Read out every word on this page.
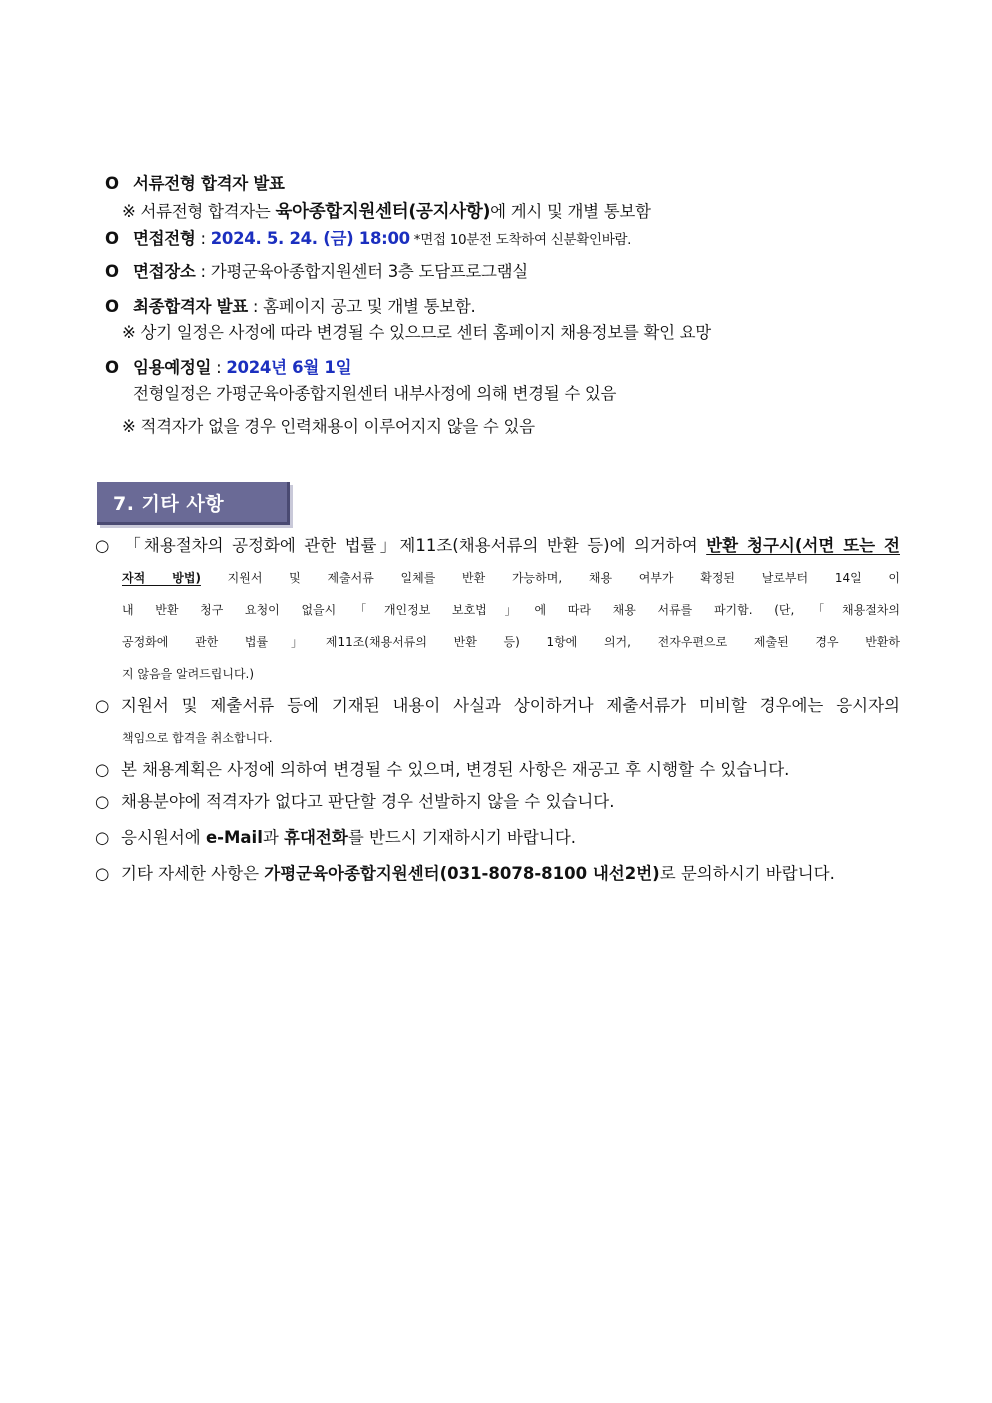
O 서류전형 합격자 발표
※ 서류전형 합격자는 육아종합지원센터(공지사항)에 게시 및 개별 통보함
O 면접전형 : 2024. 5. 24. (금) 18:00 *면접 10분전 도착하여 신분확인바람.
O 면접장소 : 가평군육아종합지원센터 3층 도담프로그램실
O 최종합격자 발표 : 홈페이지 공고 및 개별 통보함.
※ 상기 일정은 사정에 따라 변경될 수 있으므로 센터 홈페이지 채용정보를 확인 요망
O 임용예정일 : 2024년 6월 1일
전형일정은 가평군육아종합지원센터 내부사정에 의해 변경될 수 있음
※ 적격자가 없을 경우 인력채용이 이루어지지 않을 수 있음
7. 기타 사항
○ 「채용절차의 공정화에 관한 법률」제11조(채용서류의 반환 등)에 의거하여 반환 청구시(서면 또는 전
자적 방법) 지원서 및 제출서류 일체를 반환 가능하며, 채용 여부가 확정된 날로부터 14일 이
내 반환 청구 요청이 없을시「개인정보 보호법」에 따라 채용 서류를 파기함. (단,「채용절차의
공정화에 관한 법률」제11조(채용서류의 반환 등) 1항에 의거, 전자우편으로 제출된 경우 반환하
지 않음을 알려드립니다.)
○ 지원서 및 제출서류 등에 기재된 내용이 사실과 상이하거나 제출서류가 미비할 경우에는 응시자의
책임으로 합격을 취소합니다.
○ 본 채용계획은 사정에 의하여 변경될 수 있으며, 변경된 사항은 재공고 후 시행할 수 있습니다.
○ 채용분야에 적격자가 없다고 판단할 경우 선발하지 않을 수 있습니다.
○ 응시원서에 e-Mail과 휴대전화를 반드시 기재하시기 바랍니다.
○ 기타 자세한 사항은 가평군육아종합지원센터(031-8078-8100 내선2번)로 문의하시기 바랍니다.
